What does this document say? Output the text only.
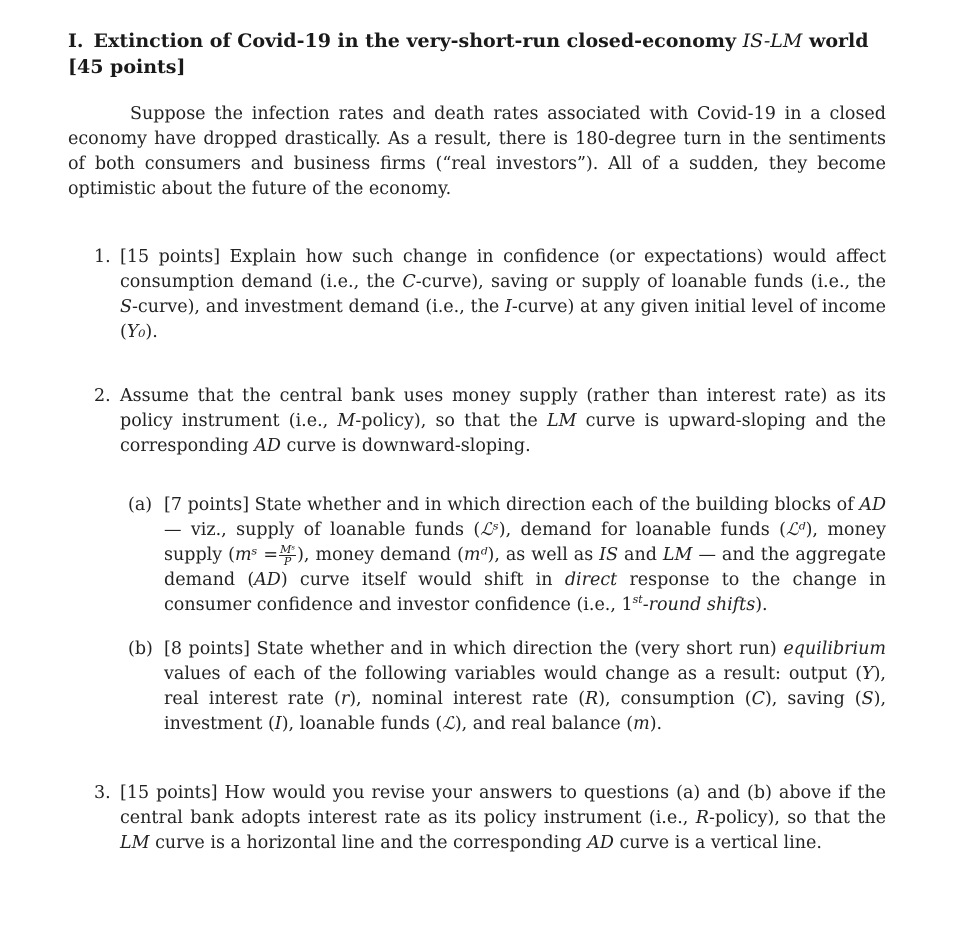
I. Extinction of Covid-19 in the very-short-run closed-economy IS-LM world [45 points]
Suppose the infection rates and death rates associated with Covid-19 in a closed economy have dropped drastically. As a result, there is 180-degree turn in the sentiments of both consumers and business firms (“real investors”). All of a sudden, they become optimistic about the future of the economy.
1. [15 points] Explain how such change in confidence (or expectations) would affect consumption demand (i.e., the C-curve), saving or supply of loanable funds (i.e., the S-curve), and investment demand (i.e., the I-curve) at any given initial level of income (Y₀).
2. Assume that the central bank uses money supply (rather than interest rate) as its policy instrument (i.e., M-policy), so that the LM curve is upward-sloping and the corresponding AD curve is downward-sloping.
(a) [7 points] State whether and in which direction each of the building blocks of AD — viz., supply of loanable funds (ℒˢ), demand for loanable funds (ℒᵈ), money supply (mˢ = $\frac{\text{Mˢ}}{P}$ ), money demand (mᵈ), as well as IS and LM — and the aggregate demand (AD) curve itself would shift in direct response to the change in consumer confidence and investor confidence (i.e., 1st-round shifts).
(b) [8 points] State whether and in which direction the (very short run) equilibrium values of each of the following variables would change as a result: output (Y), real interest rate (r), nominal interest rate (R), consumption (C), saving (S), investment (I), loanable funds (ℒ), and real balance (m).
3. [15 points] How would you revise your answers to questions (a) and (b) above if the central bank adopts interest rate as its policy instrument (i.e., R-policy), so that the LM curve is a horizontal line and the corresponding AD curve is a vertical line.
